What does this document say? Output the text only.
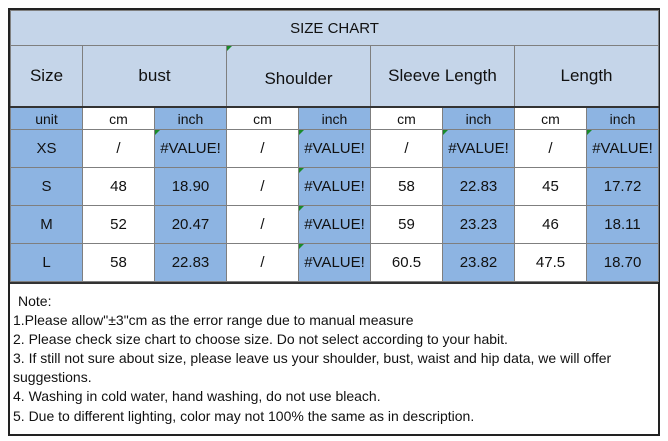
SIZE CHART								
Size	bust		Shoulder		Sleeve Length		Length	
unit	cm	inch	cm	inch	cm	inch	cm	inch
XS	/	#VALUE!	/	#VALUE!	/	#VALUE!	/	#VALUE!
S	48	18.90	/	#VALUE!	58	22.83	45	17.72
M	52	20.47	/	#VALUE!	59	23.23	46	18.11
L	58	22.83	/	#VALUE!	60.5	23.82	47.5	18.70
Note:
1.Please allow"±3"cm as the error range due to manual measure
2. Please check size chart to choose size. Do not select according to your habit.
3. If still not sure about size, please leave us your shoulder, bust, waist and hip data, we will offer suggestions.
4. Washing in cold water, hand washing, do not use bleach.
5. Due to different lighting, color may not 100% the same as in description.
